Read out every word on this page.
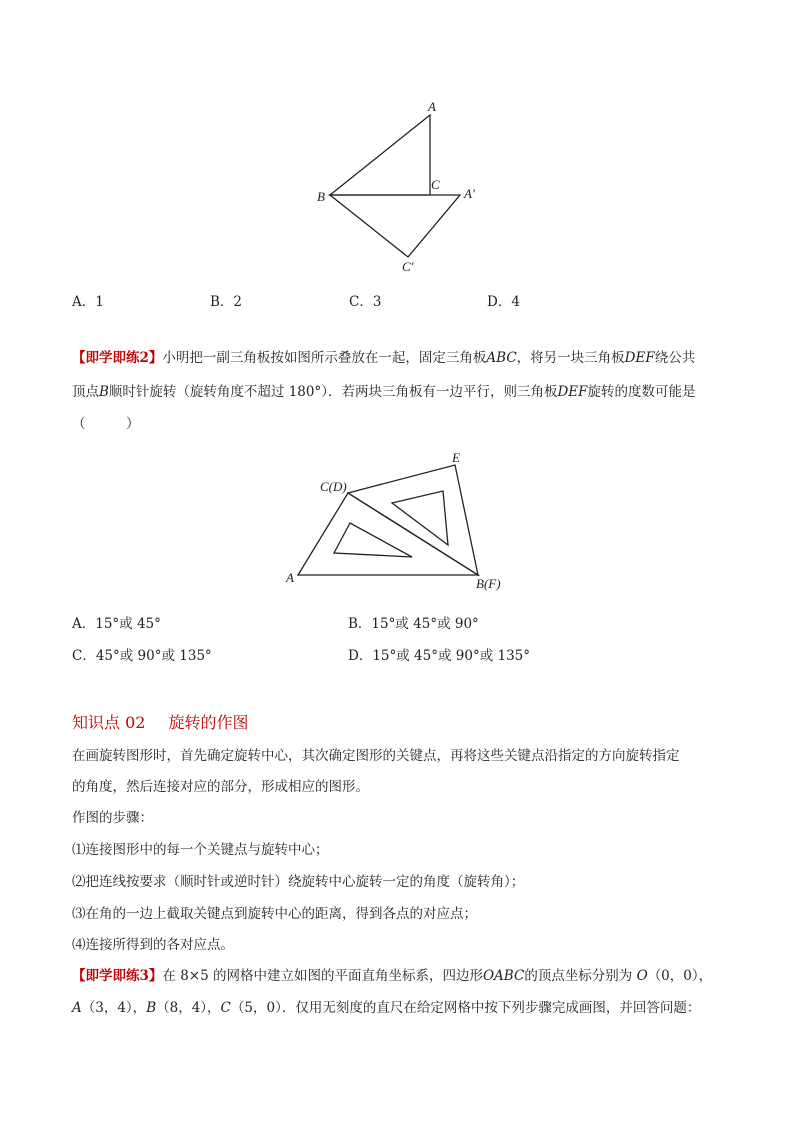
A
B
C
A'
C'
A．1	B．2	C．3	D．4
【即学即练2】小明把一副三角板按如图所示叠放在一起，固定三角板ABC，将另一块三角板DEF绕公共
顶点B顺时针旋转（旋转角度不超过 180°）．若两块三角板有一边平行，则三角板DEF旋转的度数可能是
（　　　）
C(D)
E
A	B(F)
A．15°或 45°	B．15°或 45°或 90°
C．45°或 90°或 135°	D．15°或 45°或 90°或 135°
知识点 02 旋转的作图
在画旋转图形时，首先确定旋转中心，其次确定图形的关键点，再将这些关键点沿指定的方向旋转指定
的角度，然后连接对应的部分，形成相应的图形。
作图的步骤：
⑴连接图形中的每一个关键点与旋转中心；
⑵把连线按要求（顺时针或逆时针）绕旋转中心旋转一定的角度（旋转角）；
⑶在角的一边上截取关键点到旋转中心的距离，得到各点的对应点；
⑷连接所得到的各对应点。
【即学即练3】在 8×5 的网格中建立如图的平面直角坐标系，四边形OABC的顶点坐标分别为 O（0，0），
A（3，4），B（8，4），C（5，0）．仅用无刻度的直尺在给定网格中按下列步骤完成画图，并回答问题：
